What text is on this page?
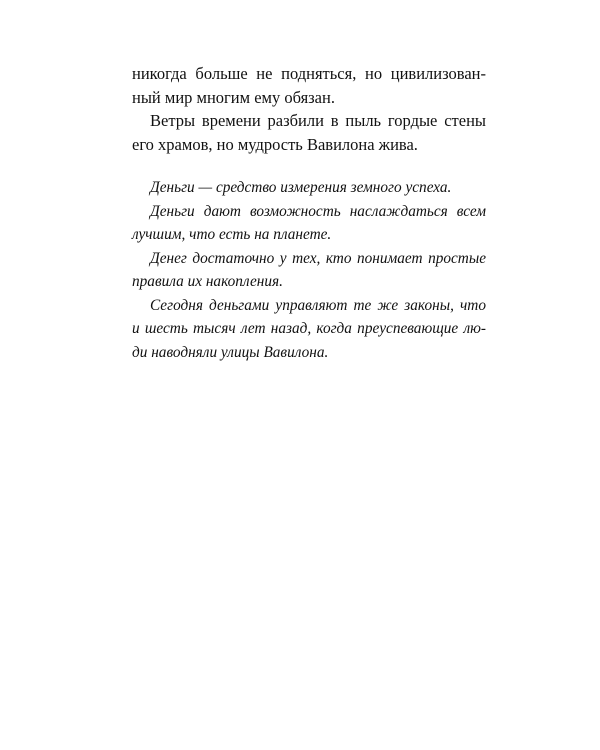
никогда больше не подняться, но цивилизован-
ный мир многим ему обязан.
Ветры времени разбили в пыль гордые стены
его храмов, но мудрость Вавилона жива.
Деньги — средство измерения земного успеха.
Деньги дают возможность наслаждаться всем
лучшим, что есть на планете.
Денег достаточно у тех, кто понимает простые
правила их накопления.
Сегодня деньгами управляют те же законы, что
и шесть тысяч лет назад, когда преуспевающие лю-
ди наводняли улицы Вавилона.
